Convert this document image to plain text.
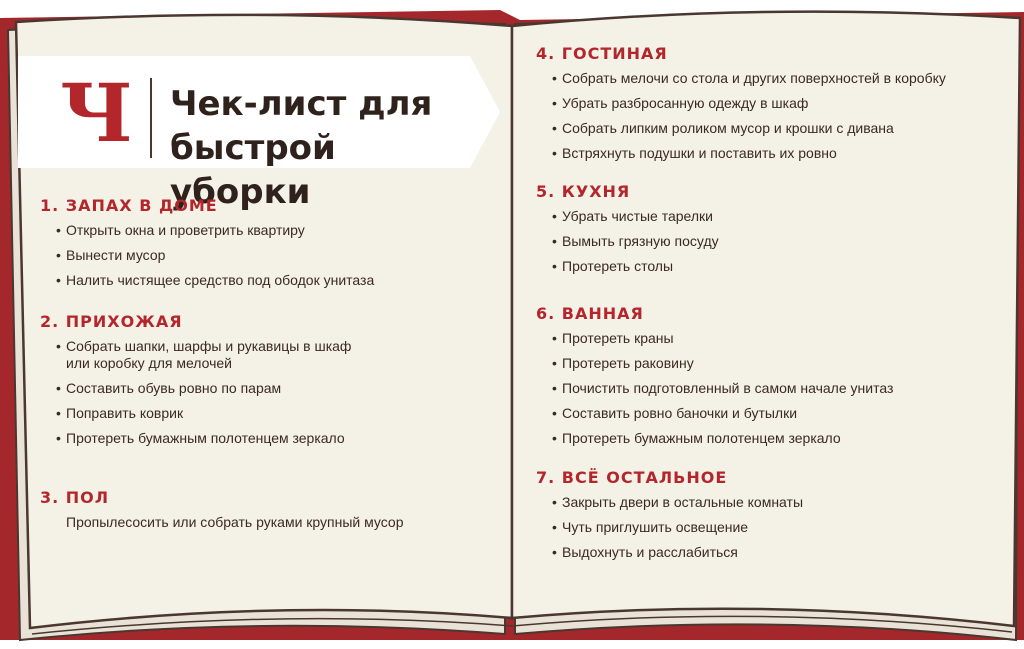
Ч Чек-лист для быстрой уборки
1. ЗАПАХ В ДОМЕ
• Открыть окна и проветрить квартиру
• Вынести мусор
• Налить чистящее средство под ободок унитаза
2. ПРИХОЖАЯ
• Собрать шапки, шарфы и рукавицы в шкаф или коробку для мелочей
• Составить обувь ровно по парам
• Поправить коврик
• Протереть бумажным полотенцем зеркало
3. ПОЛ
Пропылесосить или собрать руками крупный мусор
4. ГОСТИНАЯ
• Собрать мелочи со стола и других поверхностей в коробку
• Убрать разбросанную одежду в шкаф
• Собрать липким роликом мусор и крошки с дивана
• Встряхнуть подушки и поставить их ровно
5. КУХНЯ
• Убрать чистые тарелки
• Вымыть грязную посуду
• Протереть столы
6. ВАННАЯ
• Протереть краны
• Протереть раковину
• Почистить подготовленный в самом начале унитаз
• Составить ровно баночки и бутылки
• Протереть бумажным полотенцем зеркало
7. ВСЁ ОСТАЛЬНОЕ
• Закрыть двери в остальные комнаты
• Чуть приглушить освещение
• Выдохнуть и расслабиться
